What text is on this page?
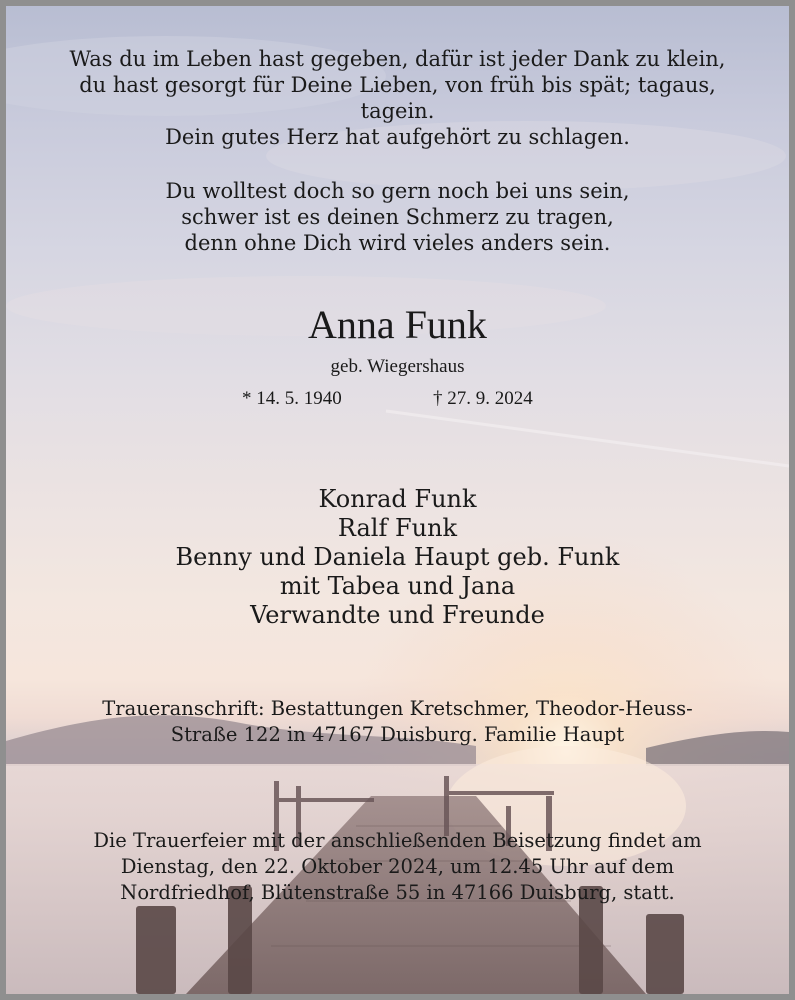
Was du im Leben hast gegeben, dafür ist jeder Dank zu klein,
du hast gesorgt für Deine Lieben, von früh bis spät; tagaus,
tagein.
Dein gutes Herz hat aufgehört zu schlagen.
Du wolltest doch so gern noch bei uns sein,
schwer ist es deinen Schmerz zu tragen,
denn ohne Dich wird vieles anders sein.
Anna Funk
geb. Wiegershaus
* 14. 5. 1940	† 27. 9. 2024
Konrad Funk
Ralf Funk
Benny und Daniela Haupt geb. Funk
mit Tabea und Jana
Verwandte und Freunde
Traueranschrift: Bestattungen Kretschmer, Theodor-Heuss-
Straße 122 in 47167 Duisburg. Familie Haupt
Die Trauerfeier mit der anschließenden Beisetzung findet am
Dienstag, den 22. Oktober 2024, um 12.45 Uhr auf dem
Nordfriedhof, Blütenstraße 55 in 47166 Duisburg, statt.
